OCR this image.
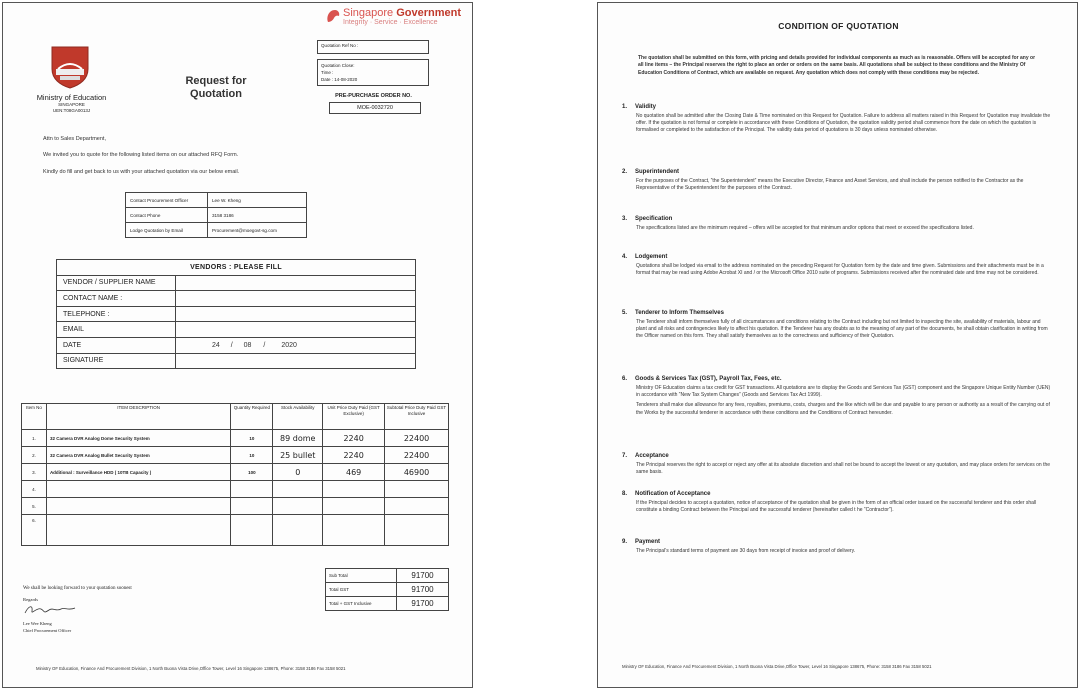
Singapore Government
Integrity · Service · Excellence
Ministry of Education
SINGAPORE
UEN:T08GA0013J
Request for Quotation
Quotation Ref No :
Quotation Close:
Time :
Date : 14-08-2020
PRE-PURCHASE ORDER NO.
MOE-0032720
Attn to Sales Department,
We invited you to quote for the following listed items on our attached RFQ Form.
Kindly do fill and get back to us with your attached quotation via our below email.
Contact Procurement Officer	Lee W. Kheng
Contact Phone	3158 3186
Lodge Quotation by Email	Procurement@moegovt-sg.com
VENDORS : PLEASE FILL	
VENDOR / SUPPLIER NAME	
CONTACT NAME :	
TELEPHONE :	
EMAIL	
DATE	24 / 08 / 2020
SIGNATURE	
Item No	ITEM DESCRIPTION	Quantity Required	Stock Availability	Unit Price Duty Paid (GST Exclusive)	Subtotal Price Duty Paid GST Inclusive
1.	32 Camera DVR Analog Dome Security System	10	89 dome	2240	22400
2.	32 Camera DVR Analog Bullet Security System	10	25 bullet	2240	22400
3.	Additional : Surveillance HDD ( 10TB Capacity )	100	0	469	46900
4.					
5.					
6.					
Sub Total	91700
Total GST	91700
Total + GST Inclusive	91700
We shall be looking forward to your quotation soonest
Regards
Lee Wee Kheng
Chief Procurement Officer
Ministry OF Education, Finance And Procurement Division, 1 North Buona Vista Drive,Office Tower, Level 16 Singapore 138675, Phone: 3158 3186 Fax 3158 5021
CONDITION OF QUOTATION
The quotation shall be submitted on this form, with pricing and details provided for individual components as much as is reasonable. Offers will be accepted for any or all line items – the Principal reserves the right to place an order or orders on the same basis. All quotations shall be subject to these conditions and the Ministry Of Education Conditions of Contract, which are available on request. Any quotation which does not comply with these conditions may be rejected.
1. Validity

No quotation shall be admitted after the Closing Date & Time nominated on this Request for Quotation. Failure to address all matters raised in this Request for Quotation may invalidate the offer. If the quotation is not formal or complete in accordance with these Conditions of Quotation, the quotation validity period shall commence from the date on which the quotation is formalised or completed to the satisfaction of the Principal. The validity data period of quotations is 30 days unless nominated otherwise.

2. Superintendent

For the purposes of the Contract, “the Superintendent” means the Executive Director, Finance and Asset Services, and shall include the person notified to the Contractor as the Representative of the Superintendent for the purposes of the Contract.

3. Specification

The specifications listed are the minimum required – offers will be accepted for that minimum and/or options that meet or exceed the specifications listed.

4. Lodgement

Quotations shall be lodged via email to the address nominated on the preceding Request for Quotation form by the date and time given. Submissions and their attachments must be in a format that may be read using Adobe Acrobat XI and / or the Microsoft Office 2010 suite of programs. Submissions received after the nominated date and time may not be considered.

5. Tenderer to Inform Themselves

The Tenderer shall inform themselves fully of all circumstances and conditions relating to the Contract including but not limited to inspecting the site, availability of materials, labour and plant and all risks and contingencies likely to affect his quotation. If the Tenderer has any doubts as to the meaning of any part of the documents, he shall obtain clarification in writing from the Officer named on this form. They shall satisfy themselves as to the correctness and sufficiency of their Quotation.

6. Goods & Services Tax (GST), Payroll Tax, Fees, etc.

Ministry OF Education claims a tax credit for GST transactions. All quotations are to display the Goods and Services Tax (GST) component and the Singapore Unique Entity Number (UEN) in accordance with “New Tax System Changes” (Goods and Services Tax Act 1999).

Tenderers shall make due allowance for any fees, royalties, premiums, costs, charges and the like which will be due and payable to any person or authority as a result of the carrying out of the Works by the successful tenderer in accordance with these conditions and the Conditions of Contract hereunder.

7. Acceptance

The Principal reserves the right to accept or reject any offer at its absolute discretion and shall not be bound to accept the lowest or any quotation, and may place orders for services on the same basis.

8. Notification of Acceptance

If the Principal decides to accept a quotation, notice of acceptance of the quotation shall be given in the form of an official order issued on the successful tenderer and this order shall constitute a binding Contract between the Principal and the successful tenderer (hereinafter called t he “Contractor”).

9. Payment

The Principal’s standard terms of payment are 30 days from receipt of invoice and proof of delivery.

Ministry OF Education, Finance And Procurement Division, 1 North Buona Vista Drive,Office Tower, Level 16 Singapore 138675, Phone: 3158 3186 Fax 3158 5021
